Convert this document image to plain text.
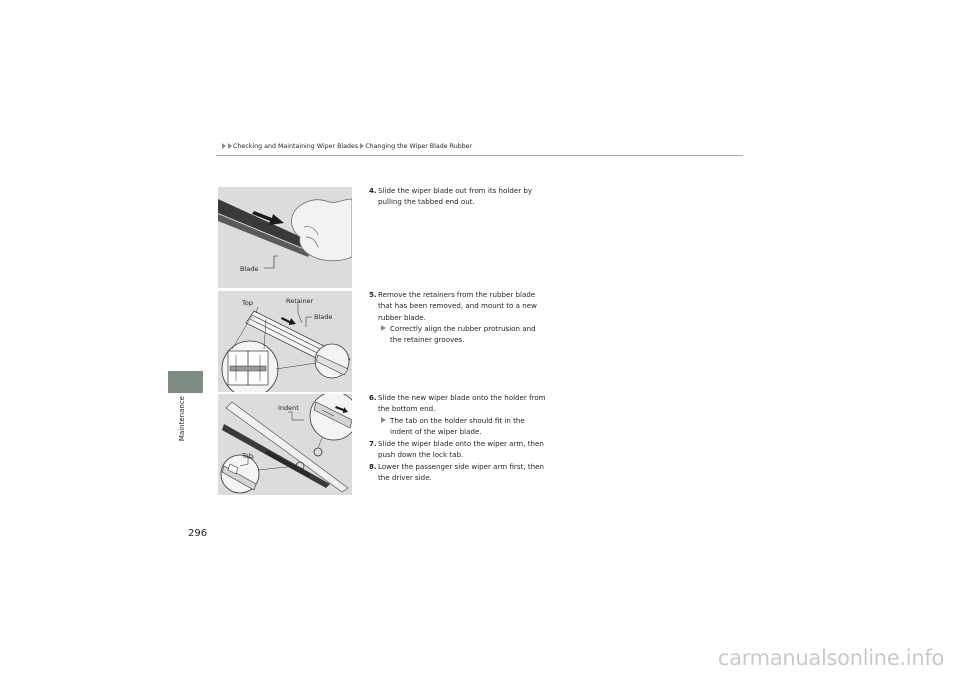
Checking and Maintaining Wiper Blades Changing the Wiper Blade Rubber
Maintenance
296
Blade
Top	Retainer
Blade
Indent
Tab
4. Slide the wiper blade out from its holder by pulling the tabbed end out.
5. Remove the retainers from the rubber blade that has been removed, and mount to a new rubber blade.
Correctly align the rubber protrusion and the retainer grooves.
6. Slide the new wiper blade onto the holder from the bottom end.
The tab on the holder should fit in the indent of the wiper blade.
7. Slide the wiper blade onto the wiper arm, then push down the lock tab.
8. Lower the passenger side wiper arm first, then the driver side.
carmanualsonline.info
